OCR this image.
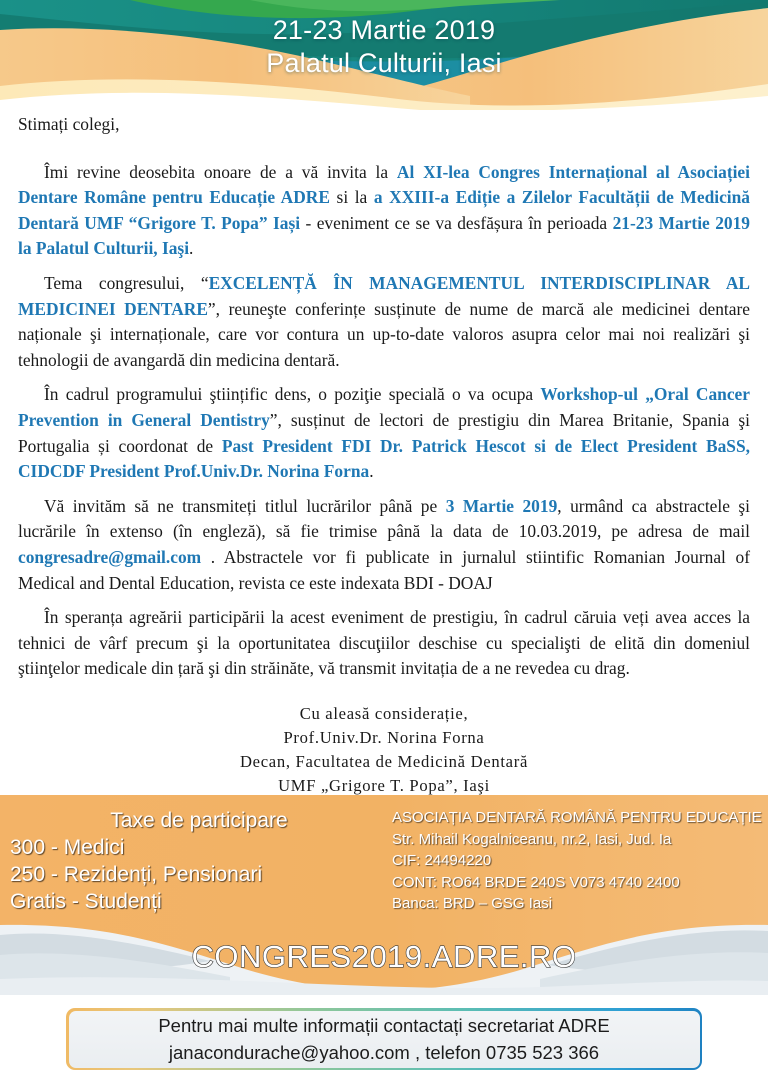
21-23 Martie 2019
Palatul Culturii, Iasi

Stimați colegi,

Îmi revine deosebita onoare de a vă invita la Al XI-lea Congres Internațional al Asociației Dentare Române pentru Educație ADRE si la a XXIII-a Ediție a Zilelor Facultății de Medicină Dentară UMF “Grigore T. Popa” Iași - eveniment ce se va desfășura în perioada 21-23 Martie 2019 la Palatul Culturii, Iaşi.

Tema congresului, “EXCELENȚĂ ÎN MANAGEMENTUL INTERDISCIPLINAR AL MEDICINEI DENTARE”, reuneşte conferințe susținute de nume de marcă ale medicinei dentare naționale şi internaționale, care vor contura un up-to-date valoros asupra celor mai noi realizări şi tehnologii de avangardă din medicina dentară.

În cadrul programului ştiințific dens, o poziţie specială o va ocupa Workshop-ul „Oral Cancer Prevention in General Dentistry”, susținut de lectori de prestigiu din Marea Britanie, Spania şi Portugalia și coordonat de Past President FDI Dr. Patrick Hescot si de Elect President BaSS, CIDCDF President Prof.Univ.Dr. Norina Forna.

Vă invităm să ne transmiteți titlul lucrărilor până pe 3 Martie 2019, urmând ca abstractele şi lucrările în extenso (în engleză), să fie trimise până la data de 10.03.2019, pe adresa de mail congresadre@gmail.com . Abstractele vor fi publicate in jurnalul stiintific Romanian Journal of Medical and Dental Education, revista ce este indexata BDI - DOAJ

În speranța agreării participării la acest eveniment de prestigiu, în cadrul căruia veți avea acces la tehnici de vârf precum şi la oportunitatea discuţiilor deschise cu specialişti de elită din domeniul ştiinţelor medicale din țară şi din străinăte, vă transmit invitația de a ne revedea cu drag.

Cu aleasă considerație,
Prof.Univ.Dr. Norina Forna
Decan, Facultatea de Medicină Dentară
UMF „Grigore T. Popa”, Iaşi
Taxe de participare
300 - Medici
250 - Rezidenți, Pensionari
Gratis - Studenți
ASOCIAȚIA DENTARĂ ROMÂNĂ PENTRU EDUCAȚIE
Str. Mihail Kogalniceanu, nr.2, Iasi, Jud. Ia
CIF: 24494220
CONT: RO64 BRDE 240S V073 4740 2400
Banca: BRD – GSG Iasi
CONGRES2019.ADRE.RO
Pentru mai multe informații contactați secretariat ADRE
janacondurache@yahoo.com , telefon 0735 523 366
